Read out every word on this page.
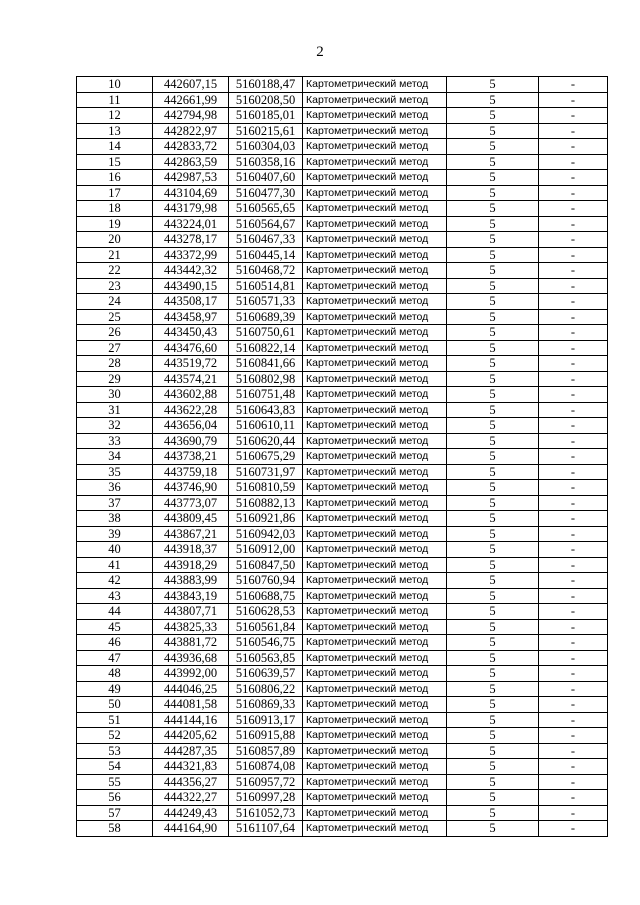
2
10	442607,15	5160188,47	Картометрический метод	5	-
11	442661,99	5160208,50	Картометрический метод	5	-
12	442794,98	5160185,01	Картометрический метод	5	-
13	442822,97	5160215,61	Картометрический метод	5	-
14	442833,72	5160304,03	Картометрический метод	5	-
15	442863,59	5160358,16	Картометрический метод	5	-
16	442987,53	5160407,60	Картометрический метод	5	-
17	443104,69	5160477,30	Картометрический метод	5	-
18	443179,98	5160565,65	Картометрический метод	5	-
19	443224,01	5160564,67	Картометрический метод	5	-
20	443278,17	5160467,33	Картометрический метод	5	-
21	443372,99	5160445,14	Картометрический метод	5	-
22	443442,32	5160468,72	Картометрический метод	5	-
23	443490,15	5160514,81	Картометрический метод	5	-
24	443508,17	5160571,33	Картометрический метод	5	-
25	443458,97	5160689,39	Картометрический метод	5	-
26	443450,43	5160750,61	Картометрический метод	5	-
27	443476,60	5160822,14	Картометрический метод	5	-
28	443519,72	5160841,66	Картометрический метод	5	-
29	443574,21	5160802,98	Картометрический метод	5	-
30	443602,88	5160751,48	Картометрический метод	5	-
31	443622,28	5160643,83	Картометрический метод	5	-
32	443656,04	5160610,11	Картометрический метод	5	-
33	443690,79	5160620,44	Картометрический метод	5	-
34	443738,21	5160675,29	Картометрический метод	5	-
35	443759,18	5160731,97	Картометрический метод	5	-
36	443746,90	5160810,59	Картометрический метод	5	-
37	443773,07	5160882,13	Картометрический метод	5	-
38	443809,45	5160921,86	Картометрический метод	5	-
39	443867,21	5160942,03	Картометрический метод	5	-
40	443918,37	5160912,00	Картометрический метод	5	-
41	443918,29	5160847,50	Картометрический метод	5	-
42	443883,99	5160760,94	Картометрический метод	5	-
43	443843,19	5160688,75	Картометрический метод	5	-
44	443807,71	5160628,53	Картометрический метод	5	-
45	443825,33	5160561,84	Картометрический метод	5	-
46	443881,72	5160546,75	Картометрический метод	5	-
47	443936,68	5160563,85	Картометрический метод	5	-
48	443992,00	5160639,57	Картометрический метод	5	-
49	444046,25	5160806,22	Картометрический метод	5	-
50	444081,58	5160869,33	Картометрический метод	5	-
51	444144,16	5160913,17	Картометрический метод	5	-
52	444205,62	5160915,88	Картометрический метод	5	-
53	444287,35	5160857,89	Картометрический метод	5	-
54	444321,83	5160874,08	Картометрический метод	5	-
55	444356,27	5160957,72	Картометрический метод	5	-
56	444322,27	5160997,28	Картометрический метод	5	-
57	444249,43	5161052,73	Картометрический метод	5	-
58	444164,90	5161107,64	Картометрический метод	5	-
